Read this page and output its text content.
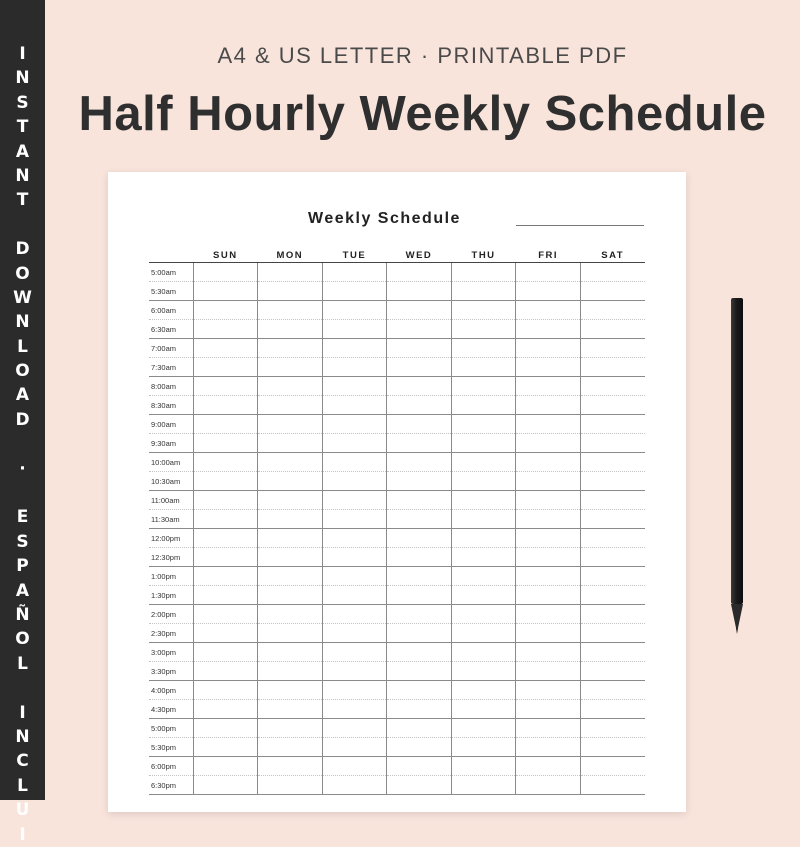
I
N
S
T
A
N
T

D
O
W
N
L
O
A
D

·

E
S
P
A
Ñ
O
L

I
N
C
L
U
I
A4 & US LETTER · PRINTABLE PDF
Half Hourly Weekly Schedule
Weekly Schedule
	SUN	MON	TUE	WED	THU	FRI	SAT
5:00am							
5:30am							
6:00am							
6:30am							
7:00am							
7:30am							
8:00am							
8:30am							
9:00am							
9:30am							
10:00am							
10:30am							
11:00am							
11:30am							
12:00pm							
12:30pm							
1:00pm							
1:30pm							
2:00pm							
2:30pm							
3:00pm							
3:30pm							
4:00pm							
4:30pm							
5:00pm							
5:30pm							
6:00pm							
6:30pm							
